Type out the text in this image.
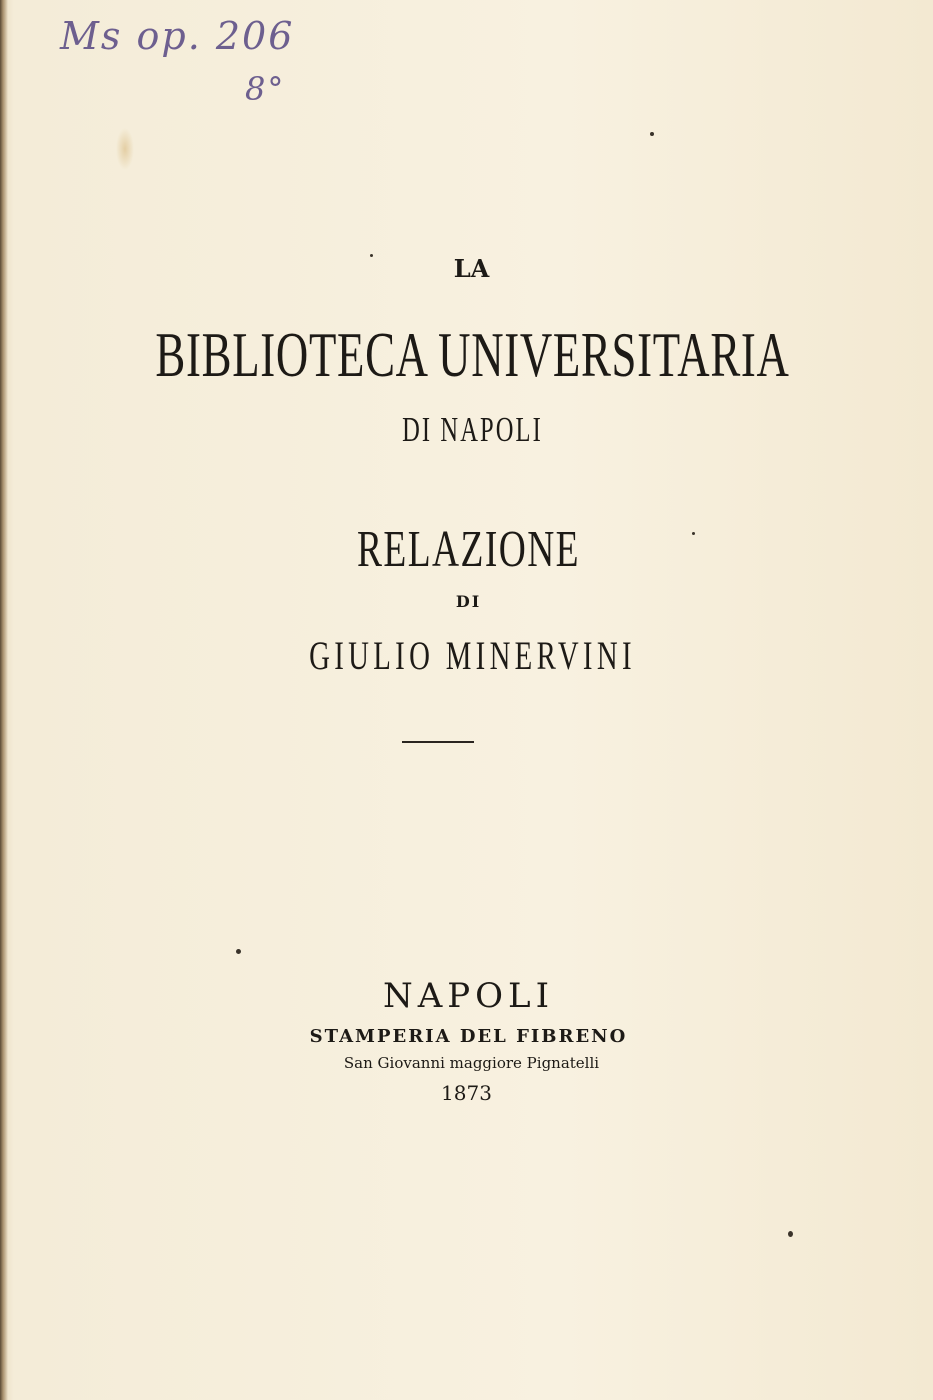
Ms op. 206
8°
LA
BIBLIOTECA UNIVERSITARIA
DI NAPOLI
RELAZIONE
DI
GIULIO MINERVINI
NAPOLI
STAMPERIA DEL FIBRENO
San Giovanni maggiore Pignatelli
1873
